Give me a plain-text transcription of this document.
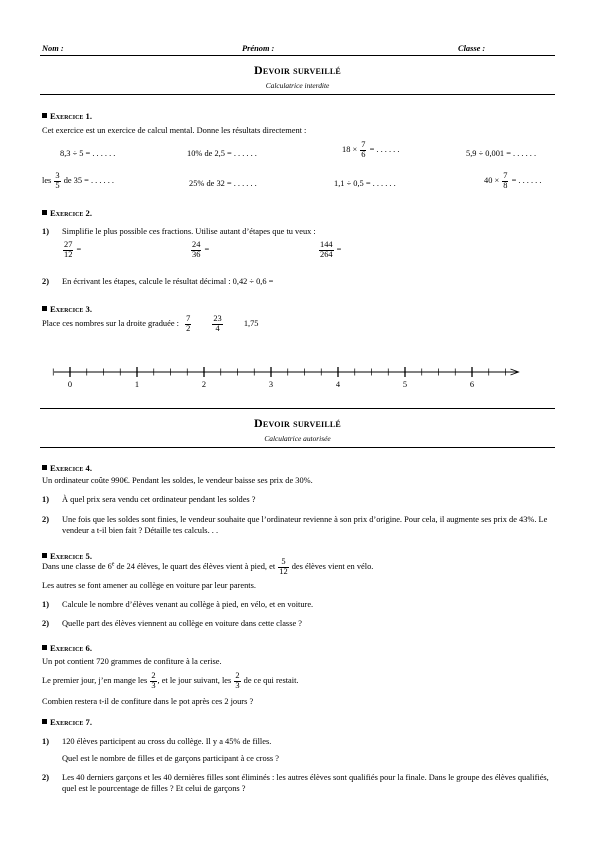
Nom :	Prénom :	Classe :
Devoir surveillé
Calculatrice interdite
Exercice 1.
Cet exercice est un exercice de calcul mental. Donne les résultats directement :
8,3 ÷ 5 = . . . . . .	10% de 2,5 = . . . . . .	$18 \times \frac{7}{6}$ = . . . . . .	5,9 ÷ 0,001 = . . . . . .
les $\frac{3}{5}$ de 35 = . . . . . .	25% de 32 = . . . . . .	1,1 ÷ 0,5 = . . . . . .	$40 \times \frac{7}{8}$ = . . . . . .
Exercice 2.
1) Simplifie le plus possible ces fractions. Utilise autant d’étapes que tu veux :
$\frac{27}{12}$ =	$\frac{24}{36}$ =	$\frac{144}{264}$ =
2) En écrivant les étapes, calcule le résultat décimal : 0,42 ÷ 0,6 =
Exercice 3.
Place ces nombres sur la droite graduée : $\frac{7}{2}$
	$\frac{23}{4}$	1,75
0	1	2	3	4	5	6
Devoir surveillé
Calculatrice autorisée
Exercice 4.
Un ordinateur coûte 990€. Pendant les soldes, le vendeur baisse ses prix de 30%.
1) À quel prix sera vendu cet ordinateur pendant les soldes ?
2) Une fois que les soldes sont finies, le vendeur souhaite que l’ordinateur revienne à son prix d’origine. Pour cela, il augmente ses prix de 43%. Le vendeur a t-il bien fait ? Détaille tes calculs. . .
Exercice 5.
Dans une classe de 6e de 24 élèves, le quart des élèves vient à pied, et $\frac{5}{12}$ des élèves vient en vélo.
Les autres se font amener au collège en voiture par leur parents.
1) Calcule le nombre d’élèves venant au collège à pied, en vélo, et en voiture.
2) Quelle part des élèves viennent au collège en voiture dans cette classe ?
Exercice 6.
Un pot contient 720 grammes de confiture à la cerise.
Le premier jour, j’en mange les $\frac{2}{3}$ , et le jour suivant, les $\frac{2}{3}$ de ce qui restait.
Combien restera t-il de confiture dans le pot après ces 2 jours ?
Exercice 7.
1) 120 élèves participent au cross du collège. Il y a 45% de filles.
Quel est le nombre de filles et de garçons participant à ce cross ?
2) Les 40 derniers garçons et les 40 dernières filles sont éliminés : les autres élèves sont qualifiés pour la finale. Dans le groupe des élèves qualifiés, quel est le pourcentage de filles ? Et celui de garçons ?
